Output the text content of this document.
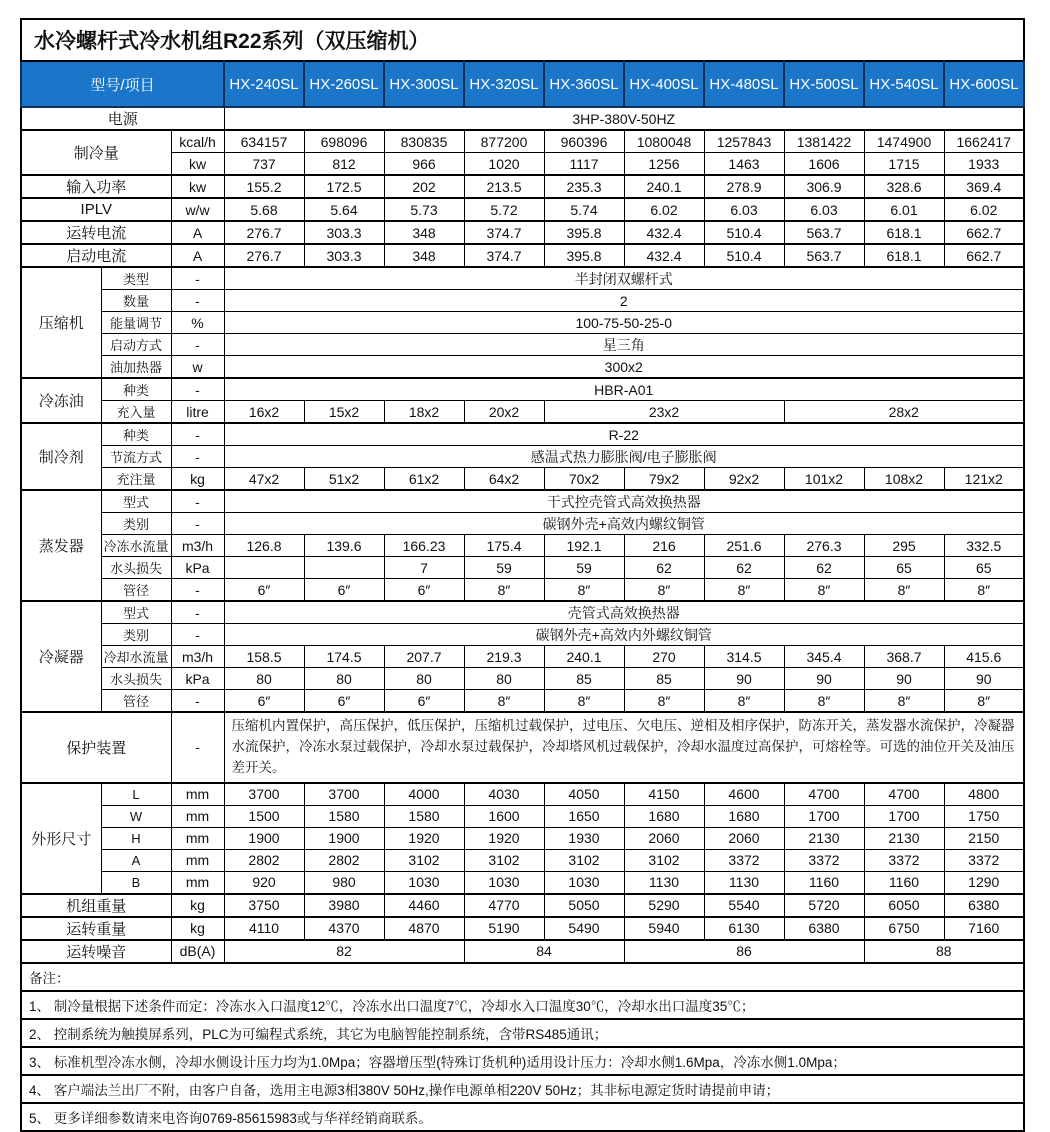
水冷螺杆式冷水机组R22系列（双压缩机）												
型号/项目			HX-240SL	HX-260SL	HX-300SL	HX-320SL	HX-360SL	HX-400SL	HX-480SL	HX-500SL	HX-540SL	HX-600SL
电源			3HP-380V-50HZ									
制冷量		kcal/h	634157	698096	830835	877200	960396	1080048	1257843	1381422	1474900	1662417
		kw	737	812	966	1020	1117	1256	1463	1606	1715	1933
输入功率		kw	155.2	172.5	202	213.5	235.3	240.1	278.9	306.9	328.6	369.4
IPLV		w/w	5.68	5.64	5.73	5.72	5.74	6.02	6.03	6.03	6.01	6.02
运转电流		A	276.7	303.3	348	374.7	395.8	432.4	510.4	563.7	618.1	662.7
启动电流		A	276.7	303.3	348	374.7	395.8	432.4	510.4	563.7	618.1	662.7
压缩机	类型	-	半封闭双螺杆式									
	数量	-	2									
	能量调节	%	100-75-50-25-0									
	启动方式	-	星三角									
	油加热器	w	300x2									
冷冻油	种类	-	HBR-A01									
	充入量	litre	16x2	15x2	18x2	20x2	23x2			28x2		
制冷剂	种类	-	R-22									
	节流方式	-	感温式热力膨胀阀/电子膨胀阀									
	充注量	kg	47x2	51x2	61x2	64x2	70x2	79x2	92x2	101x2	108x2	121x2
蒸发器	型式	-	干式控壳管式高效换热器									
	类别	-	碳钢外壳+高效内螺纹铜管									
	冷冻水流量	m3/h	126.8	139.6	166.23	175.4	192.1	216	251.6	276.3	295	332.5
	水头损失	kPa			7	59	59	62	62	62	65	65
	管径	-	6″	6″	6″	8″	8″	8″	8″	8″	8″	8″
冷凝器	型式	-	壳管式高效换热器									
	类别	-	碳钢外壳+高效内外螺纹铜管									
	冷却水流量	m3/h	158.5	174.5	207.7	219.3	240.1	270	314.5	345.4	368.7	415.6
	水头损失	kPa	80	80	80	80	85	85	90	90	90	90
	管径	-	6″	6″	6″	8″	8″	8″	8″	8″	8″	8″
保护装置		-	压缩机内置保护，高压保护，低压保护，压缩机过载保护，过电压、欠电压、逆相及相序保护，防冻开关，蒸发器水流保护，冷凝器水流保护，冷冻水泵过载保护，冷却水泵过载保护，冷却塔风机过载保护，冷却水温度过高保护，可熔栓等。可选的油位开关及油压差开关。									
外形尺寸	L	mm	3700	3700	4000	4030	4050	4150	4600	4700	4700	4800
	W	mm	1500	1580	1580	1600	1650	1680	1680	1700	1700	1750
	H	mm	1900	1900	1920	1920	1930	2060	2060	2130	2130	2150
	A	mm	2802	2802	3102	3102	3102	3102	3372	3372	3372	3372
	B	mm	920	980	1030	1030	1030	1130	1130	1160	1160	1290
机组重量		kg	3750	3980	4460	4770	5050	5290	5540	5720	6050	6380
运转重量		kg	4110	4370	4870	5190	5490	5940	6130	6380	6750	7160
运转噪音		dB(A)	82			84		86			88	
备注：												
1、 制冷量根据下述条件而定：冷冻水入口温度12℃，冷冻水出口温度7℃，冷却水入口温度30℃，冷却水出口温度35℃；												
2、 控制系统为触摸屏系列，PLC为可编程式系统，其它为电脑智能控制系统，含带RS485通讯；												
3、 标准机型冷冻水侧，冷却水侧设计压力均为1.0Mpa；容器增压型(特殊订货机种)适用设计压力：冷却水侧1.6Mpa，冷冻水侧1.0Mpa；												
4、 客户端法兰出厂不附，由客户自备，选用主电源3相380V 50Hz,操作电源单相220V 50Hz；其非标电源定货时请提前申请；												
5、 更多详细参数请来电咨询0769-85615983或与华祥经销商联系。												
